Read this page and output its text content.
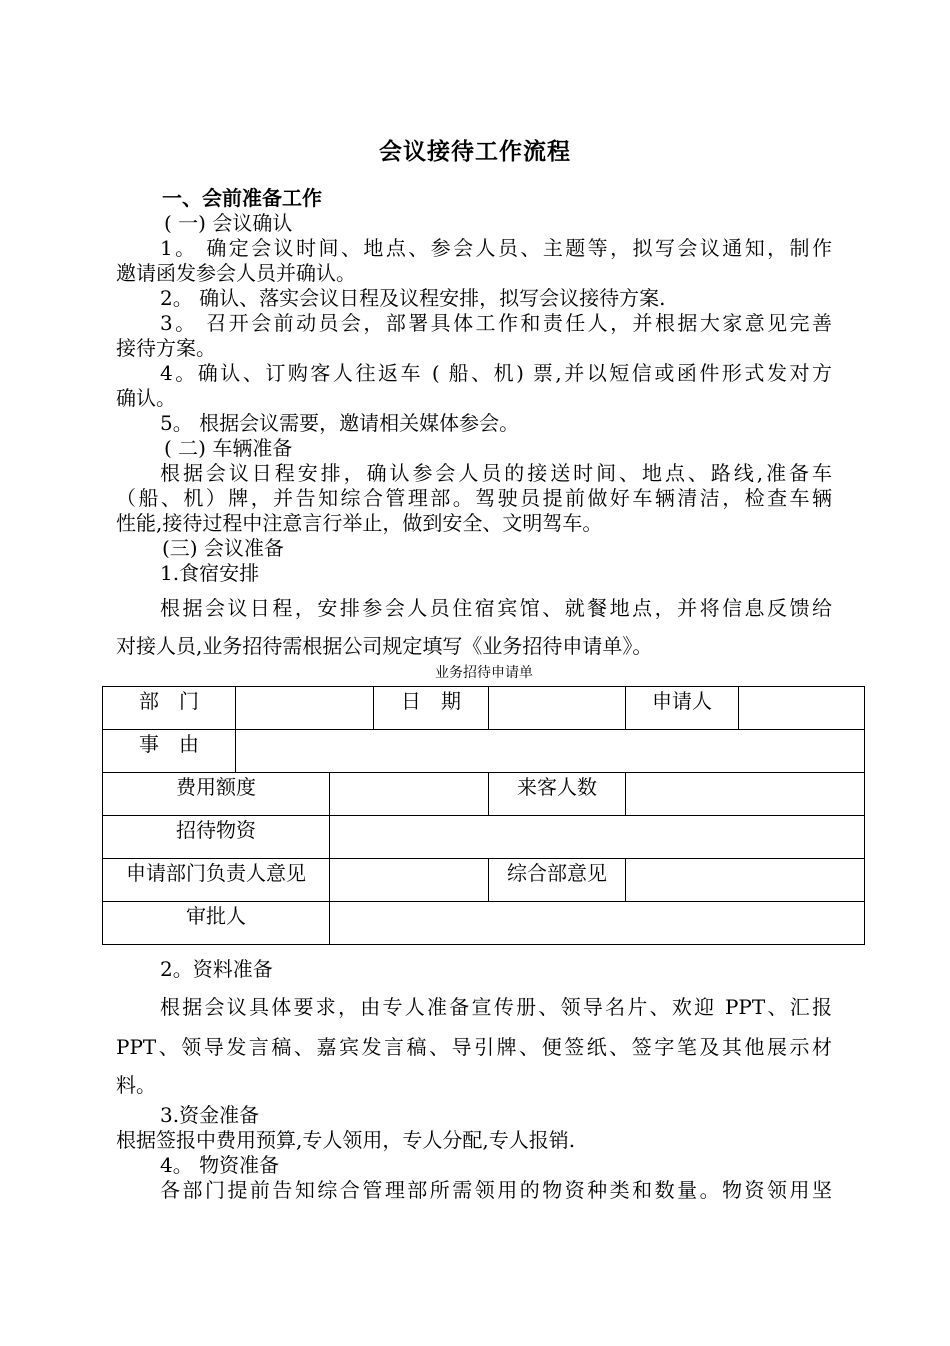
会议接待工作流程
一、会前准备工作
( 一) 会议确认
1。 确定会议时间、地点、参会人员、主题等，拟写会议通知，制作
邀请函发参会人员并确认。
2。 确认、落实会议日程及议程安排，拟写会议接待方案.
3。 召开会前动员会，部署具体工作和责任人，并根据大家意见完善
接待方案。
4。确认、订购客人往返车 ( 船、机) 票,并以短信或函件形式发对方
确认。
5。 根据会议需要，邀请相关媒体参会。
( 二) 车辆准备
根据会议日程安排，确认参会人员的接送时间、地点、路线,准备车
（船、机）牌，并告知综合管理部。驾驶员提前做好车辆清洁，检查车辆
性能,接待过程中注意言行举止，做到安全、文明驾车。
(三) 会议准备
1.食宿安排
根据会议日程，安排参会人员住宿宾馆、就餐地点，并将信息反馈给
对接人员,业务招待需根据公司规定填写《业务招待申请单》。
业务招待申请单
部　门			日　期		申请人	
事　由						
费用额度				来客人数		
招待物资						
申请部门负责人意见				综合部意见		
审批人						
2。资料准备
根据会议具体要求，由专人准备宣传册、领导名片、欢迎 PPT、汇报
PPT、领导发言稿、嘉宾发言稿、导引牌、便签纸、签字笔及其他展示材
料。
3.资金准备
根据签报中费用预算,专人领用，专人分配,专人报销.
4。 物资准备
各部门提前告知综合管理部所需领用的物资种类和数量。物资领用坚
